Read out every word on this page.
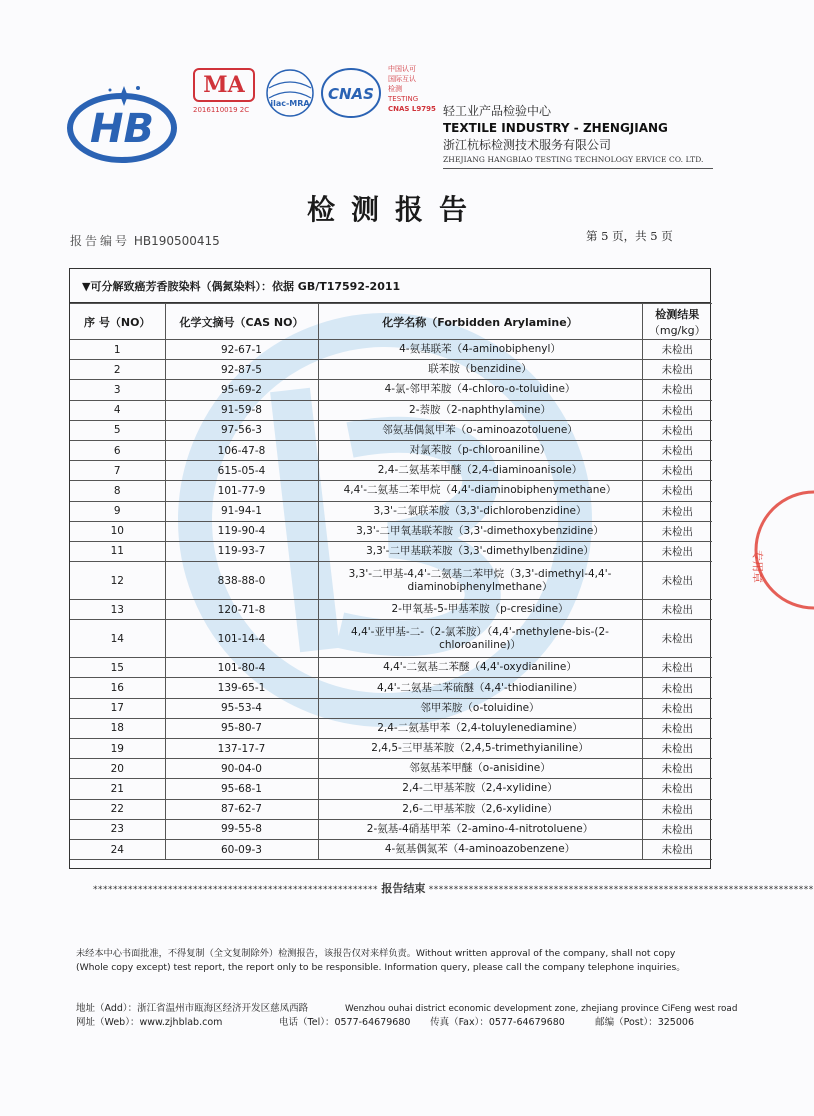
专用章
HB
MA
2016110019 2C
ilac-MRA
CNAS
中国认可
国际互认
检测
TESTING
CNAS L9795 轻工业产品检验中心
TEXTILE INDUSTRY - ZHENGJIANG
浙江杭标检测技术服务有限公司
ZHEJIANG HANGBIAO TESTING TECHNOLOGY ERVICE CO. LTD.
检测报告
报告编号 HB190500415	第 5 页，共 5 页
▼可分解致癌芳香胺染料（偶氮染料）：依据 GB/T17592-2011
序 号（NO）	化学文摘号（CAS NO）	化学名称（Forbidden Arylamine）	检测结果
（mg/kg）

1	92-67-1	4-氨基联苯（4-aminobiphenyl）	未检出
2	92-87-5	联苯胺（benzidine）	未检出
3	95-69-2	4-氯-邻甲苯胺（4-chloro-o-toluidine）	未检出
4	91-59-8	2-萘胺（2-naphthylamine）	未检出
5	97-56-3	邻氨基偶氮甲苯（o-aminoazotoluene）	未检出
6	106-47-8	对氯苯胺（p-chloroaniline）	未检出
7	615-05-4	2,4-二氨基苯甲醚（2,4-diaminoanisole）	未检出
8	101-77-9	4,4'-二氨基二苯甲烷（4,4'-diaminobiphenymethane）	未检出
9	91-94-1	3,3'-二氯联苯胺（3,3'-dichlorobenzidine）	未检出
10	119-90-4	3,3'-二甲氧基联苯胺（3,3'-dimethoxybenzidine）	未检出
11	119-93-7	3,3'-二甲基联苯胺（3,3'-dimethylbenzidine）	未检出
12	838-88-0	3,3'-二甲基-4,4'-二氨基二苯甲烷（3,3'-dimethyl-4,4'-diaminobiphenylmethane）	未检出
13	120-71-8	2-甲氧基-5-甲基苯胺（p-cresidine）	未检出
14	101-14-4	4,4'-亚甲基-二-（2-氯苯胺）（4,4'-methylene-bis-(2-chloroaniline)）	未检出
15	101-80-4	4,4'-二氨基二苯醚（4,4'-oxydianiline）	未检出
16	139-65-1	4,4'-二氨基二苯硫醚（4,4'-thiodianiline）	未检出
17	95-53-4	邻甲苯胺（o-toluidine）	未检出
18	95-80-7	2,4-二氨基甲苯（2,4-toluylenediamine）	未检出
19	137-17-7	2,4,5-三甲基苯胺（2,4,5-trimethyianiline）	未检出
20	90-04-0	邻氨基苯甲醚（o-anisidine）	未检出
21	95-68-1	2,4-二甲基苯胺（2,4-xylidine）	未检出
22	87-62-7	2,6-二甲基苯胺（2,6-xylidine）	未检出
23	99-55-8	2-氨基-4硝基甲苯（2-amino-4-nitrotoluene）	未检出
24	60-09-3	4-氨基偶氮苯（4-aminoazobenzene）	未检出
********************************************************* 报告结束 *****************************************************************************
未经本中心书面批准，不得复制（全文复制除外）检测报告，该报告仅对来样负责。Without written approval of the company, shall not copy (Whole copy except) test report, the report only to be responsible. Information query, please call the company telephone inquiries。
地址（Add）：浙江省温州市瓯海区经济开发区慈凤西路	Wenzhou ouhai district economic development zone, zhejiang province CiFeng west road
网址（Web）：www.zjhblab.com	电话（Tel）：0577-64679680 传真（Fax）：0577-64679680	邮编（Post）：325006
